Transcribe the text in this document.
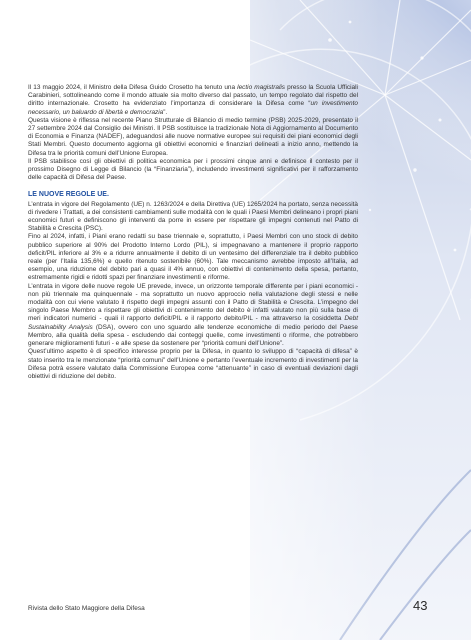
Il 13 maggio 2024, il Ministro della Difesa Guido Crosetto ha tenuto una lectio magistralis presso la Scuola Ufficiali Carabinieri, sottolineando come il mondo attuale sia molto diverso dal passato, un tempo regolato dal rispetto del diritto internazionale. Crosetto ha evidenziato l’importanza di considerare la Difesa come “un investimento necessario, un baluardo di libertà e democrazia”.

Questa visione è riflessa nel recente Piano Strutturale di Bilancio di medio termine (PSB) 2025-2029, presentato il 27 settembre 2024 dal Consiglio dei Ministri. Il PSB sostituisce la tradizionale Nota di Aggiornamento al Documento di Economia e Finanza (NADEF), adeguandosi alle nuove normative europee sui requisiti dei piani economici degli Stati Membri. Questo documento aggiorna gli obiettivi economici e finanziari delineati a inizio anno, mettendo la Difesa tra le priorità comuni dell’Unione Europea.

Il PSB stabilisce così gli obiettivi di politica economica per i prossimi cinque anni e definisce il contesto per il prossimo Disegno di Legge di Bilancio (la “Finanziaria”), includendo investimenti significativi per il rafforzamento delle capacità di Difesa del Paese.

LE NUOVE REGOLE UE.

L’entrata in vigore del Regolamento (UE) n. 1263/2024 e della Direttiva (UE) 1265/2024 ha portato, senza necessità di rivedere i Trattati, a dei consistenti cambiamenti sulle modalità con le quali i Paesi Membri delineano i propri piani economici futuri e definiscono gli interventi da porre in essere per rispettare gli impegni contenuti nel Patto di Stabilità e Crescita (PSC).

Fino al 2024, infatti, i Piani erano redatti su base triennale e, soprattutto, i Paesi Membri con uno stock di debito pubblico superiore al 90% del Prodotto Interno Lordo (PIL), si impegnavano a mantenere il proprio rapporto deficit/PIL inferiore al 3% e a ridurre annualmente il debito di un ventesimo del differenziale tra il debito pubblico reale (per l’Italia 135,6%) e quello ritenuto sostenibile (60%). Tale meccanismo avrebbe imposto all’Italia, ad esempio, una riduzione del debito pari a quasi il 4% annuo, con obiettivi di contenimento della spesa, pertanto, estremamente rigidi e ridotti spazi per finanziare investimenti e riforme.

L’entrata in vigore delle nuove regole UE prevede, invece, un orizzonte temporale differente per i piani economici - non più triennale ma quinquennale - ma soprattutto un nuovo approccio nella valutazione degli stessi e nelle modalità con cui viene valutato il rispetto degli impegni assunti con il Patto di Stabilità e Crescita. L’impegno del singolo Paese Membro a rispettare gli obiettivi di contenimento del debito è infatti valutato non più sulla base di meri indicatori numerici - quali il rapporto deficit/PIL e il rapporto debito/PIL - ma attraverso la cosiddetta Debt Sustainability Analysis (DSA), ovvero con uno sguardo alle tendenze economiche di medio periodo del Paese Membro, alla qualità della spesa - escludendo dai conteggi quelle, come investimenti o riforme, che potrebbero generare miglioramenti futuri - e alle spese da sostenere per “priorità comuni dell’Unione”.

Quest’ultimo aspetto è di specifico interesse proprio per la Difesa, in quanto lo sviluppo di “capacità di difesa” è stato inserito tra le menzionate “priorità comuni” dell’Unione e pertanto l’eventuale incremento di investimenti per la Difesa potrà essere valutato dalla Commissione Europea come “attenuante” in caso di eventuali deviazioni dagli obiettivi di riduzione del debito.

Rivista dello Stato Maggiore della Difesa	43
